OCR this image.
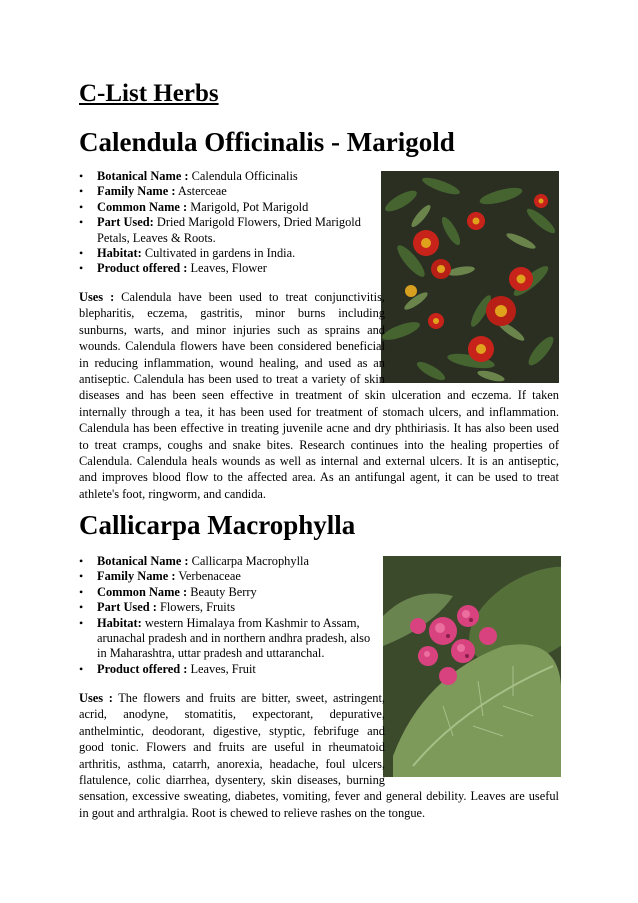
C-List Herbs
Calendula Officinalis - Marigold
• Botanical Name : Calendula Officinalis
• Family Name : Asterceae
• Common Name : Marigold, Pot Marigold
• Part Used: Dried Marigold Flowers, Dried Marigold Petals, Leaves & Roots.
• Habitat: Cultivated in gardens in India.
• Product offered : Leaves, Flower
Uses : Calendula have been used to treat conjunctivitis, blepharitis, eczema, gastritis, minor burns including sunburns, warts, and minor injuries such as sprains and wounds. Calendula flowers have been considered beneficial in reducing inflammation, wound healing, and used as an antiseptic. Calendula has been used to treat a variety of skin diseases and has been seen effective in treatment of skin ulceration and eczema. If taken internally through a tea, it has been used for treatment of stomach ulcers, and inflammation. Calendula has been effective in treating juvenile acne and dry phthiriasis. It has also been used to treat cramps, coughs and snake bites. Research continues into the healing properties of Calendula. Calendula heals wounds as well as internal and external ulcers. It is an antiseptic, and improves blood flow to the affected area. As an antifungal agent, it can be used to treat athlete's foot, ringworm, and candida.
Callicarpa Macrophylla
• Botanical Name : Callicarpa Macrophylla
• Family Name : Verbenaceae
• Common Name : Beauty Berry
• Part Used : Flowers, Fruits
• Habitat: western Himalaya from Kashmir to Assam, arunachal pradesh and in northern andhra pradesh, also in Maharashtra, uttar pradesh and uttaranchal.
• Product offered : Leaves, Fruit
Uses : The flowers and fruits are bitter, sweet, astringent, acrid, anodyne, stomatitis, expectorant, depurative, anthelmintic, deodorant, digestive, styptic, febrifuge and good tonic. Flowers and fruits are useful in rheumatoid arthritis, asthma, catarrh, anorexia, headache, foul ulcers, flatulence, colic diarrhea, dysentery, skin diseases, burning sensation, excessive sweating, diabetes, vomiting, fever and general debility. Leaves are useful in gout and arthralgia. Root is chewed to relieve rashes on the tongue.
